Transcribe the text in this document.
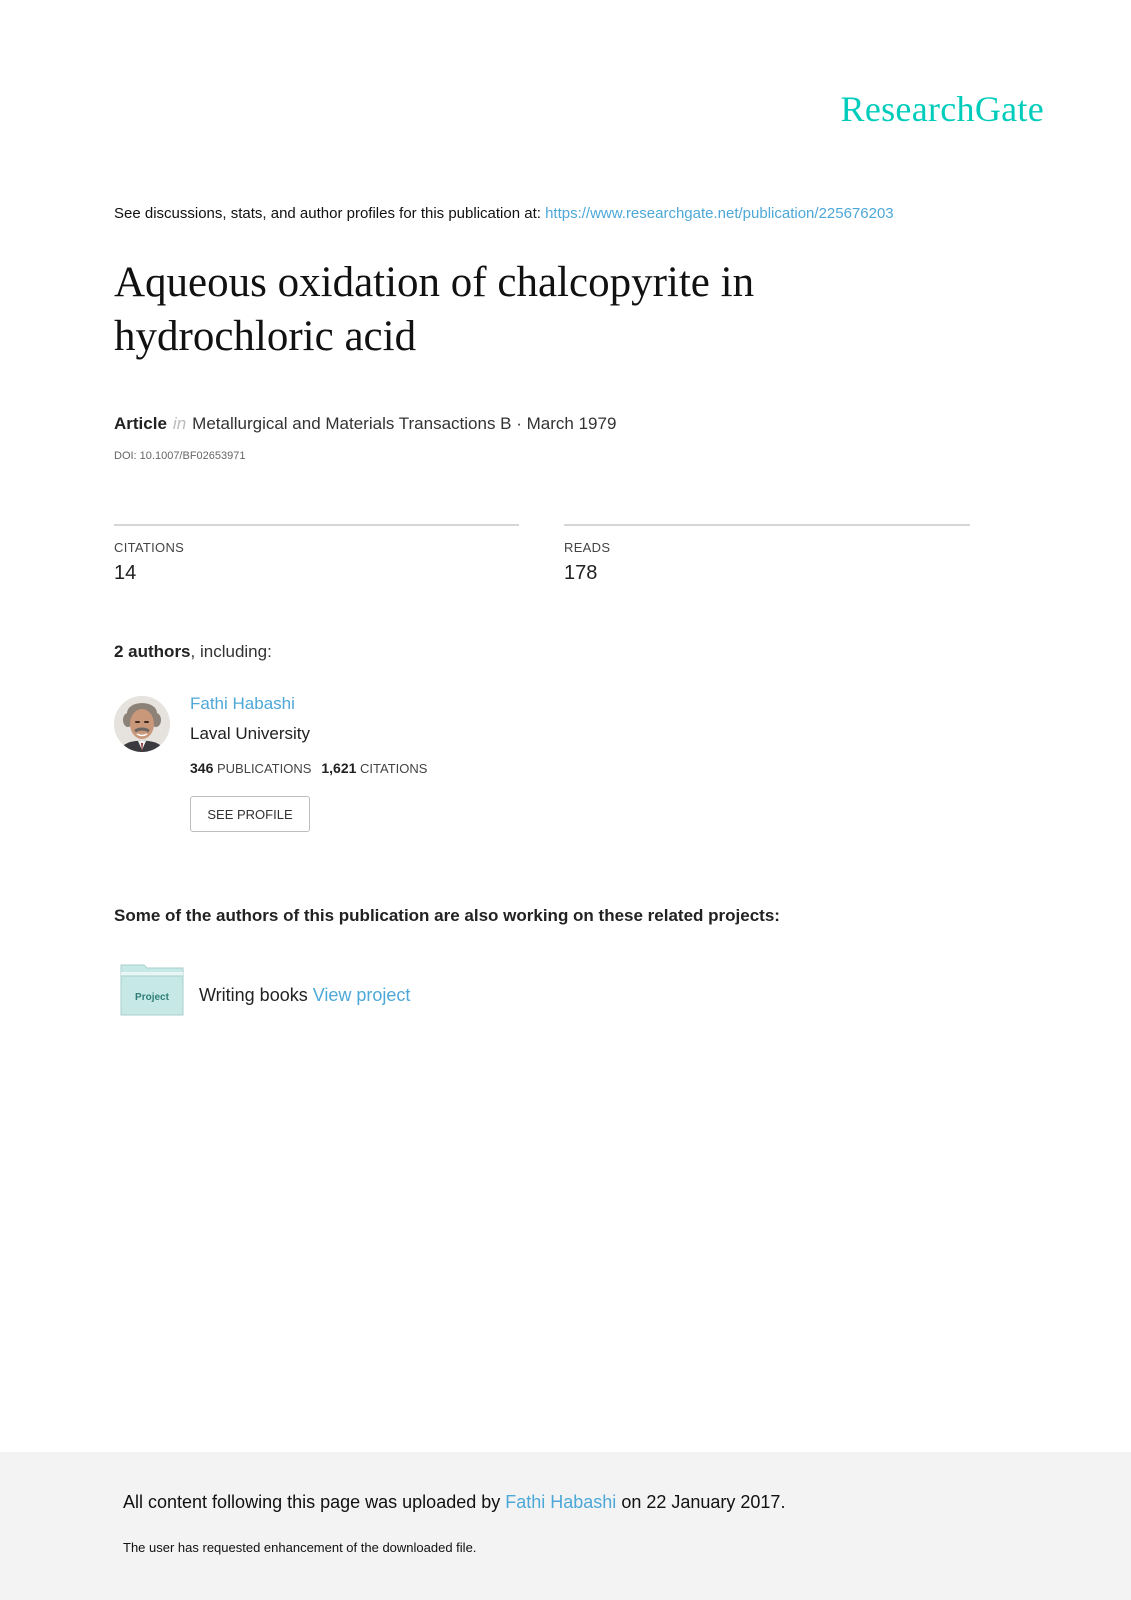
ResearchGate
See discussions, stats, and author profiles for this publication at: https://www.researchgate.net/publication/225676203
Aqueous oxidation of chalcopyrite in hydrochloric acid
Article in Metallurgical and Materials Transactions B · March 1979
DOI: 10.1007/BF02653971
CITATIONS
14
READS
178
2 authors, including:
Fathi Habashi
Laval University
346 PUBLICATIONS 1,621 CITATIONS
SEE PROFILE
Some of the authors of this publication are also working on these related projects:
Project Writing books View project
All content following this page was uploaded by Fathi Habashi on 22 January 2017.
The user has requested enhancement of the downloaded file.
